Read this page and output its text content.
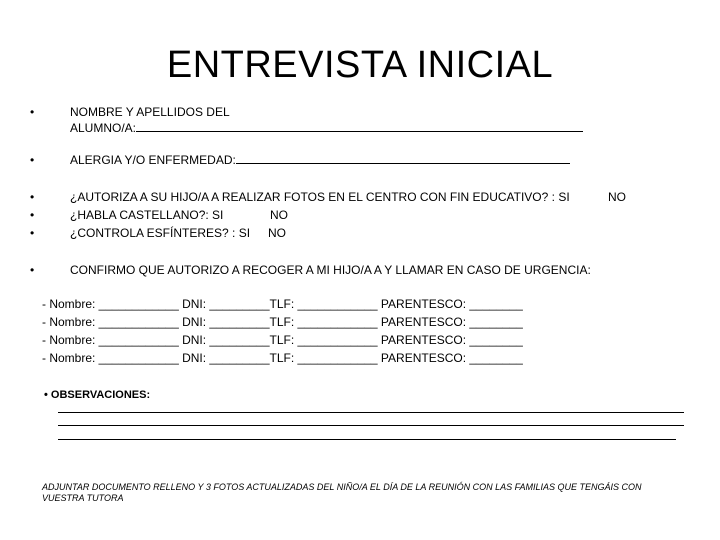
ENTREVISTA INICIAL
NOMBRE Y APELLIDOS DEL
ALUMNO/A:
ALERGIA Y/O ENFERMEDAD:
¿AUTORIZA A SU HIJO/A A REALIZAR FOTOS EN EL CENTRO CON FIN EDUCATIVO? : SI	NO
¿HABLA CASTELLANO?: SI	NO
¿CONTROLA ESFÍNTERES? : SI NO
CONFIRMO QUE AUTORIZO A RECOGER A MI HIJO/A A Y LLAMAR EN CASO DE URGENCIA:
- Nombre: ____________ DNI: _________TLF: ____________ PARENTESCO: ________
- Nombre: ____________ DNI: _________TLF: ____________ PARENTESCO: ________
- Nombre: ____________ DNI: _________TLF: ____________ PARENTESCO: ________
- Nombre: ____________ DNI: _________TLF: ____________ PARENTESCO: ________
• OBSERVACIONES:
ADJUNTAR DOCUMENTO RELLENO Y 3 FOTOS ACTUALIZADAS DEL NIÑO/A EL DÍA DE LA REUNIÓN CON LAS FAMILIAS QUE TENGÁIS CON VUESTRA TUTORA
